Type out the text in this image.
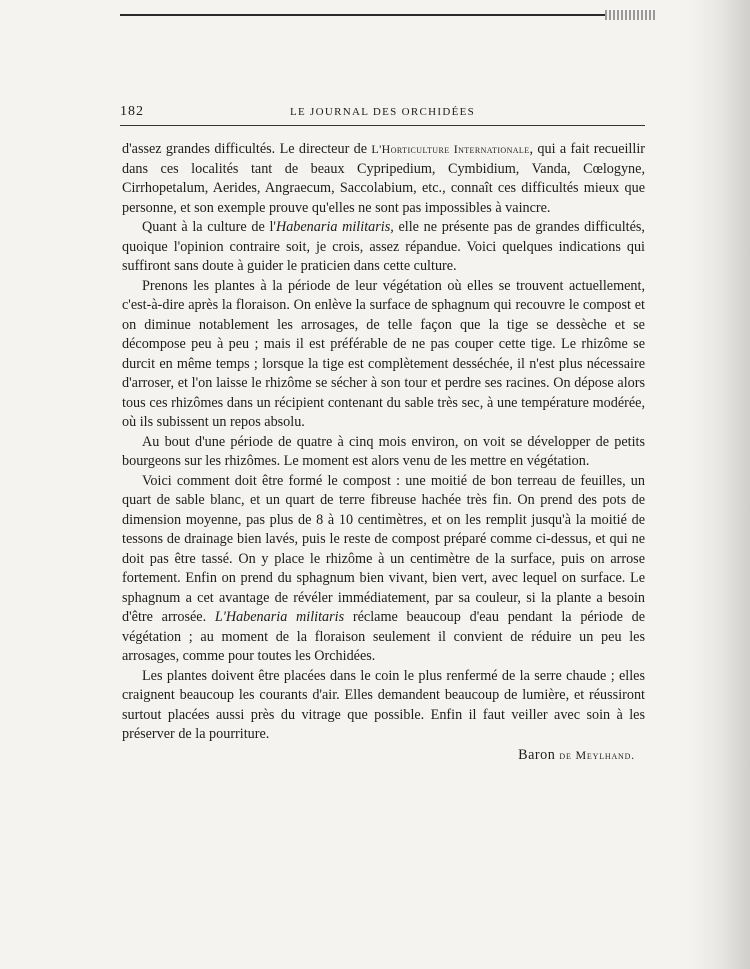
182	LE JOURNAL DES ORCHIDÉES

d'assez grandes difficultés. Le directeur de L'Horticulture Internationale, qui a fait recueillir dans ces localités tant de beaux Cypripedium, Cymbidium, Vanda, Cœlogyne, Cirrhopetalum, Aerides, Angraecum, Saccolabium, etc., connaît ces difficultés mieux que personne, et son exemple prouve qu'elles ne sont pas impossibles à vaincre.

Quant à la culture de l'Habenaria militaris, elle ne présente pas de grandes difficultés, quoique l'opinion contraire soit, je crois, assez répandue. Voici quelques indications qui suffiront sans doute à guider le praticien dans cette culture.

Prenons les plantes à la période de leur végétation où elles se trouvent actuellement, c'est-à-dire après la floraison. On enlève la surface de sphagnum qui recouvre le compost et on diminue notablement les arrosages, de telle façon que la tige se dessèche et se décompose peu à peu ; mais il est préférable de ne pas couper cette tige. Le rhizôme se durcit en même temps ; lorsque la tige est complètement desséchée, il n'est plus nécessaire d'arroser, et l'on laisse le rhizôme se sécher à son tour et perdre ses racines. On dépose alors tous ces rhizômes dans un récipient contenant du sable très sec, à une température modérée, où ils subissent un repos absolu.

Au bout d'une période de quatre à cinq mois environ, on voit se développer de petits bourgeons sur les rhizômes. Le moment est alors venu de les mettre en végétation.

Voici comment doit être formé le compost : une moitié de bon terreau de feuilles, un quart de sable blanc, et un quart de terre fibreuse hachée très fin. On prend des pots de dimension moyenne, pas plus de 8 à 10 centimètres, et on les remplit jusqu'à la moitié de tessons de drainage bien lavés, puis le reste de compost préparé comme ci-dessus, et qui ne doit pas être tassé. On y place le rhizôme à un centimètre de la surface, puis on arrose fortement. Enfin on prend du sphagnum bien vivant, bien vert, avec lequel on surface. Le sphagnum a cet avantage de révéler immédiatement, par sa couleur, si la plante a besoin d'être arrosée. L'Habenaria militaris réclame beaucoup d'eau pendant la période de végétation ; au moment de la floraison seulement il convient de réduire un peu les arrosages, comme pour toutes les Orchidées.

Les plantes doivent être placées dans le coin le plus renfermé de la serre chaude ; elles craignent beaucoup les courants d'air. Elles demandent beaucoup de lumière, et réussiront surtout placées aussi près du vitrage que possible. Enfin il faut veiller avec soin à les préserver de la pourriture.

Baron de Meylhand.
